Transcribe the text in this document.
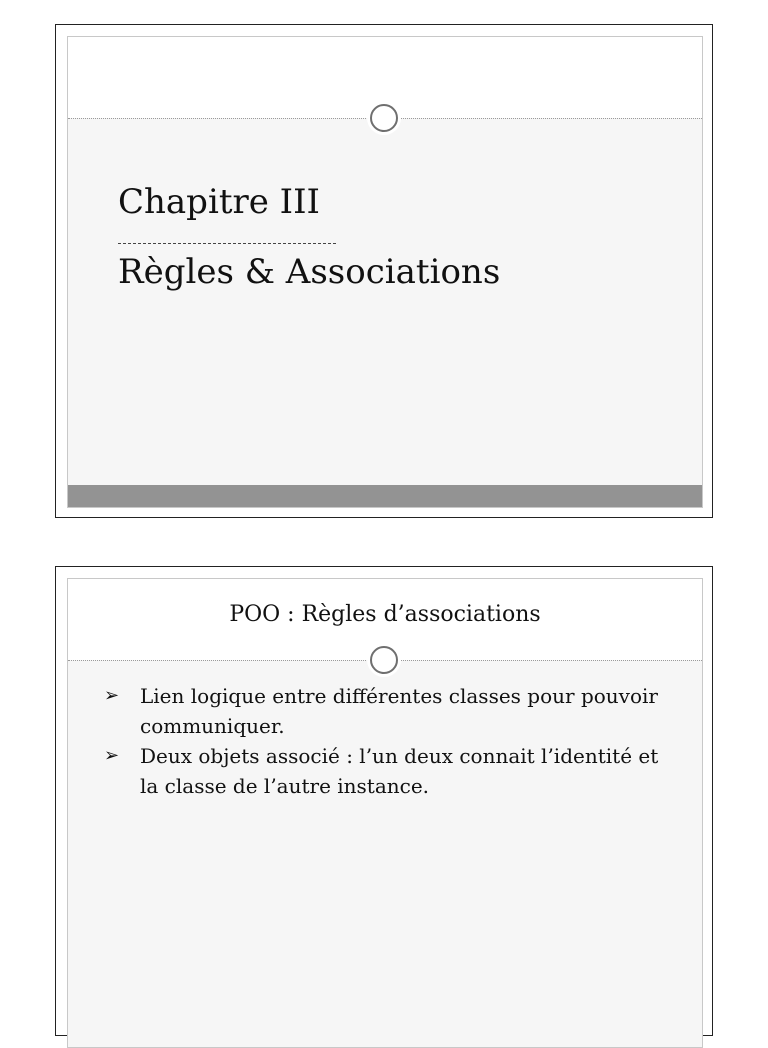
Chapitre III
Règles & Associations
POO : Règles d’associations
➢ Lien logique entre différentes classes pour pouvoir communiquer.
➢ Deux objets associé : l’un deux connait l’identité et la classe de l’autre instance.
